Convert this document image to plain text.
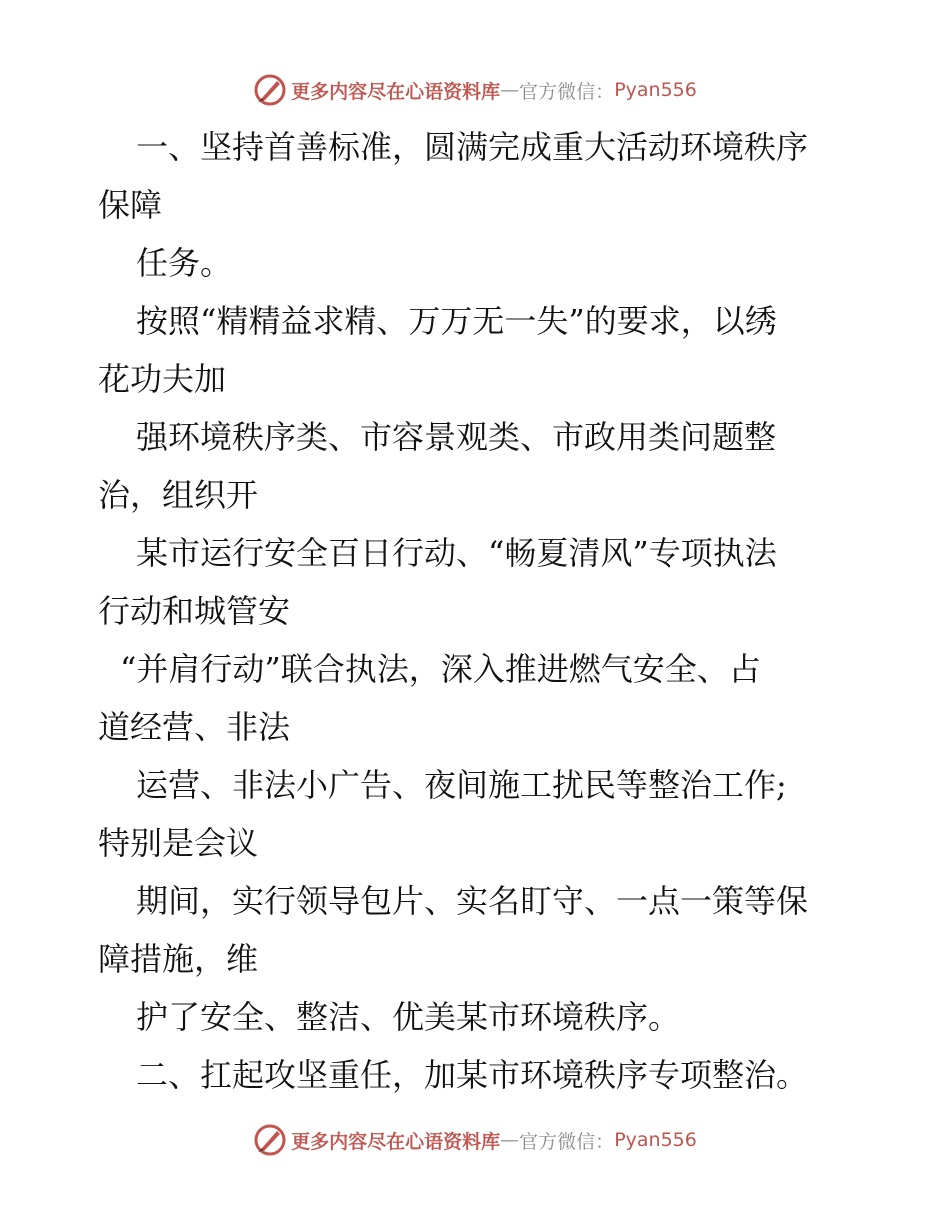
更多内容尽在心语资料库 — 官方微信： Pyan556
一、坚持首善标准，圆满完成重大活动环境秩序
保障
任务。
按照“精精益求精、万万无一失”的要求，以绣
花功夫加
强环境秩序类、市容景观类、市政用类问题整
治，组织开
某市运行安全百日行动、“畅夏清风”专项执法
行动和城管安
“并肩行动”联合执法，深入推进燃气安全、占
道经营、非法
运营、非法小广告、夜间施工扰民等整治工作;
特别是会议
期间，实行领导包片、实名盯守、一点一策等保
障措施，维
护了安全、整洁、优美某市环境秩序。
二、扛起攻坚重任，加某市环境秩序专项整治。
更多内容尽在心语资料库 — 官方微信： Pyan556
